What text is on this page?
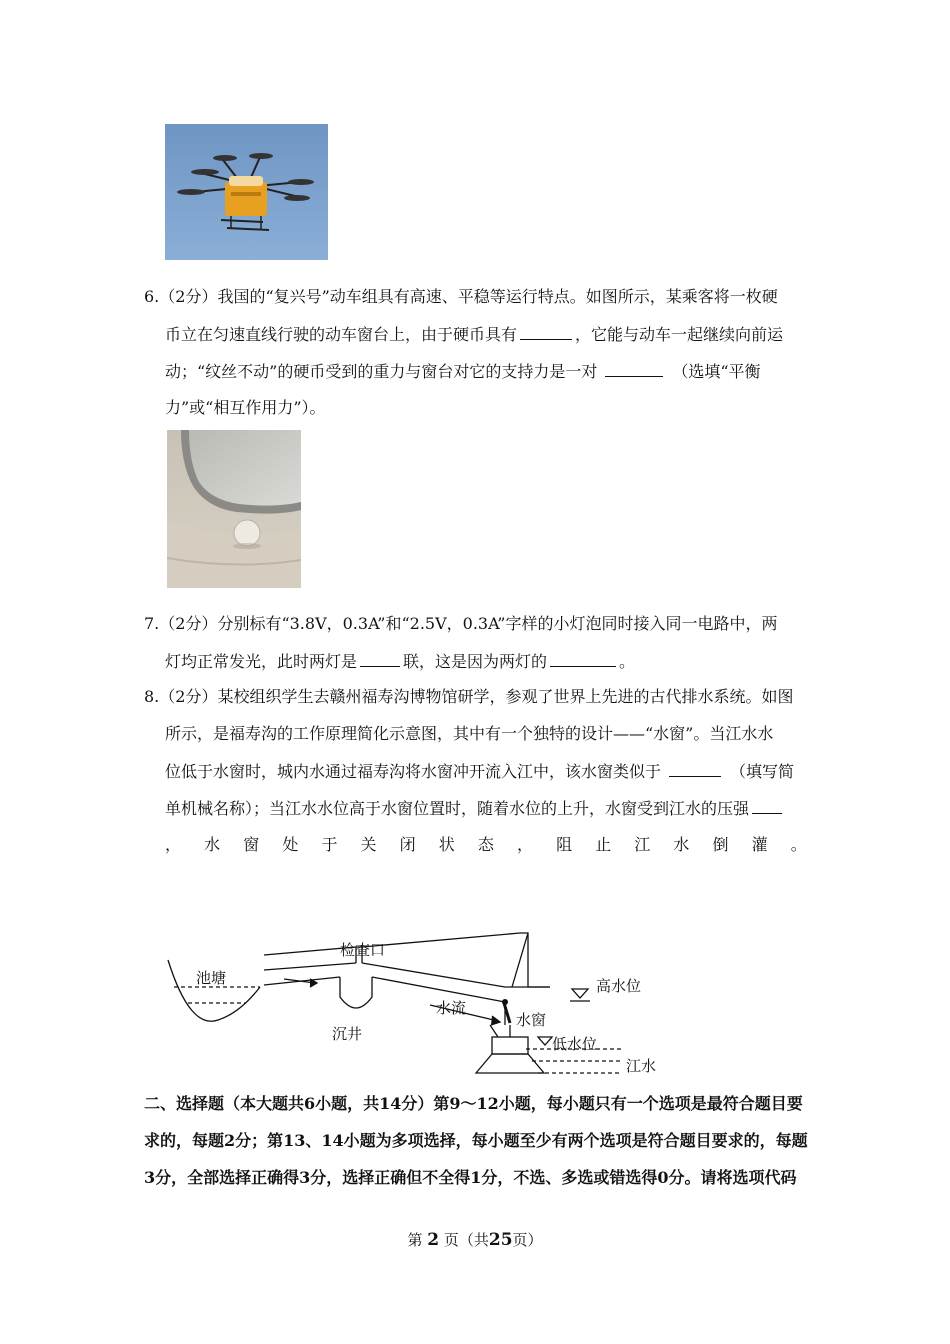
6.（2分）我国的“复兴号”动车组具有高速、平稳等运行特点。如图所示，某乘客将一枚硬
币立在匀速直线行驶的动车窗台上，由于硬币具有	，它能与动车一起继续向前运
动；“纹丝不动”的硬币受到的重力与窗台对它的支持力是一对	（选填“平衡
力”或“相互作用力”）。
7.（2分）分别标有“3.8V，0.3A”和“2.5V，0.3A”字样的小灯泡同时接入同一电路中，两
灯均正常发光，此时两灯是	联，这是因为两灯的	。
8.（2分）某校组织学生去赣州福寿沟博物馆研学，参观了世界上先进的古代排水系统。如图
所示，是福寿沟的工作原理简化示意图，其中有一个独特的设计——“水窗”。当江水水
位低于水窗时，城内水通过福寿沟将水窗冲开流入江中，该水窗类似于	（填写简
单机械名称）；当江水水位高于水窗位置时，随着水位的上升，水窗受到江水的压强
， 水 窗 处 于 关 闭 状 态 ， 阻 止 江 水 倒 灌 。
池塘
检查口
沉井
水流
水窗
高水位
低水位
江水
二、选择题（本大题共6小题，共14分）第9～12小题，每小题只有一个选项是最符合题目要
求的，每题2分；第13、14小题为多项选择，每小题至少有两个选项是符合题目要求的，每题
3分，全部选择正确得3分，选择正确但不全得1分，不选、多选或错选得0分。请将选项代码
第 2 页（共25页）
